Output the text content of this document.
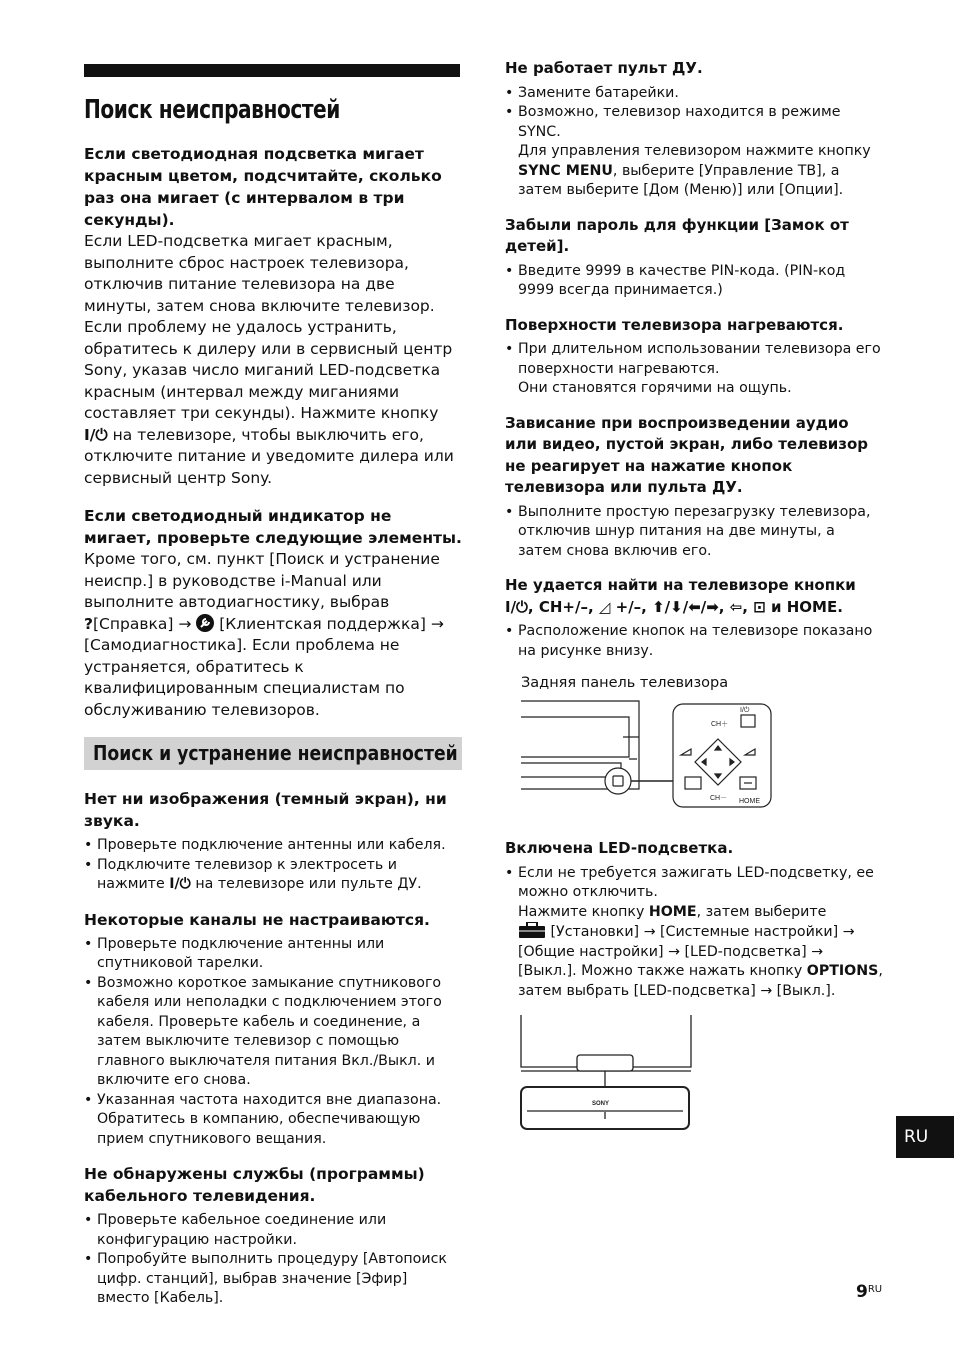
Поиск неисправностей

Если светодиодная подсветка мигает красным цветом, подсчитайте, сколько раз она мигает (с интервалом в три секунды).

Если LED-подсветка мигает красным, выполните сброс настроек телевизора, отключив питание телевизора на две минуты, затем снова включите телевизор. Если проблему не удалось устранить, обратитесь к дилеру или в сервисный центр Sony, указав число миганий LED-подсветка красным (интервал между миганиями составляет три секунды). Нажмите кнопку I/⏻ на телевизоре, чтобы выключить его, отключите питание и уведомите дилера или сервисный центр Sony.

Если светодиодный индикатор не мигает, проверьте следующие элементы.

Кроме того, см. пункт [Поиск и устранение неиспр.] в руководстве i-Manual или выполните автодиагностику, выбрав
?[Справка] → [Клиентская поддержка] → [Самодиагностика]. Если проблема не устраняется, обратитесь к квалифицированным специалистам по обслуживанию телевизоров.

Поиск и устранение неисправностей

Нет ни изображения (темный экран), ни звука.

• Проверьте подключение антенны или кабеля.
• Подключите телевизор к электросеть и нажмите I/⏻ на телевизоре или пульте ДУ.

Некоторые каналы не настраиваются.

• Проверьте подключение антенны или спутниковой тарелки.
• Возможно короткое замыкание спутникового кабеля или неполадки с подключением этого кабеля. Проверьте кабель и соединение, а затем выключите телевизор с помощью главного выключателя питания Вкл./Выкл. и включите его снова.
• Указанная частота находится вне диапазона. Обратитесь в компанию, обеспечивающую прием спутникового вещания.

Не обнаружены службы (программы) кабельного телевидения.

• Проверьте кабельное соединение или конфигурацию настройки.
• Попробуйте выполнить процедуру [Автопоиск цифр. станций], выбрав значение [Эфир] вместо [Кабель].

Не работает пульт ДУ.

• Замените батарейки.
• Возможно, телевизор находится в режиме SYNC.
Для управления телевизором нажмите кнопку SYNC MENU, выберите [Управление ТВ], а затем выберите [Дом (Меню)] или [Опции].

Забыли пароль для функции [Замок от детей].

• Введите 9999 в качестве PIN-кода. (PIN-код 9999 всегда принимается.)

Поверхности телевизора нагреваются.

• При длительном использовании телевизора его поверхности нагреваются.
Они становятся горячими на ощупь.

Зависание при воспроизведении аудио или видео, пустой экран, либо телевизор не реагирует на нажатие кнопок телевизора или пульта ДУ.

• Выполните простую перезагрузку телевизора, отключив шнур питания на две минуты, а затем снова включив его.

Не удается найти на телевизоре кнопки
I/⏻, CH+/–, ◿ +/–, ⬆/⬇/⬅/➡, ⇦, ⊡ и HOME.

• Расположение кнопок на телевизоре показано на рисунке внизу.
Задняя панель телевизора
CH＋
CH－ HOME
I/⏻

Включена LED-подсветка.

• Если не требуется зажигать LED-подсветку, ее можно отключить.
Нажмите кнопку HOME, затем выберите
[Установки] → [Системные настройки] → [Общие настройки] → [LED-подсветка] → [Выкл.]. Можно также нажать кнопку OPTIONS, затем выбрать [LED-подсветка] → [Выкл.].
SONY
RU
$9^{RU}$
